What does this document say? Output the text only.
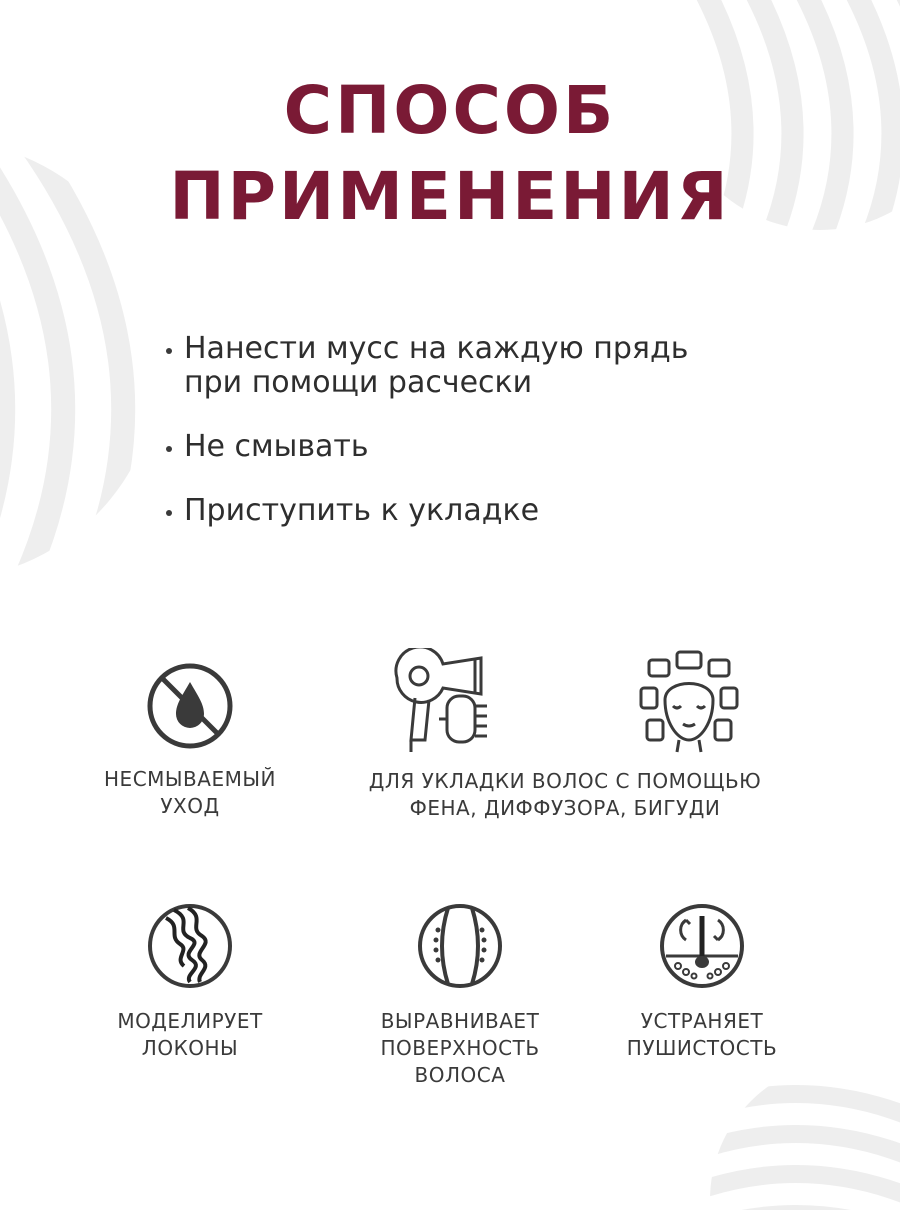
СПОСОБ
ПРИМЕНЕНИЯ
Нанести мусс на каждую прядь при помощи расчески
Не смывать
Приступить к укладке
НЕСМЫВАЕМЫЙ
УХОД
ДЛЯ УКЛАДКИ ВОЛОС С ПОМОЩЬЮ
ФЕНА, ДИФФУЗОРА, БИГУДИ
МОДЕЛИРУЕТ
ЛОКОНЫ
ВЫРАВНИВАЕТ
ПОВЕРХНОСТЬ
ВОЛОСА
УСТРАНЯЕТ
ПУШИСТОСТЬ
